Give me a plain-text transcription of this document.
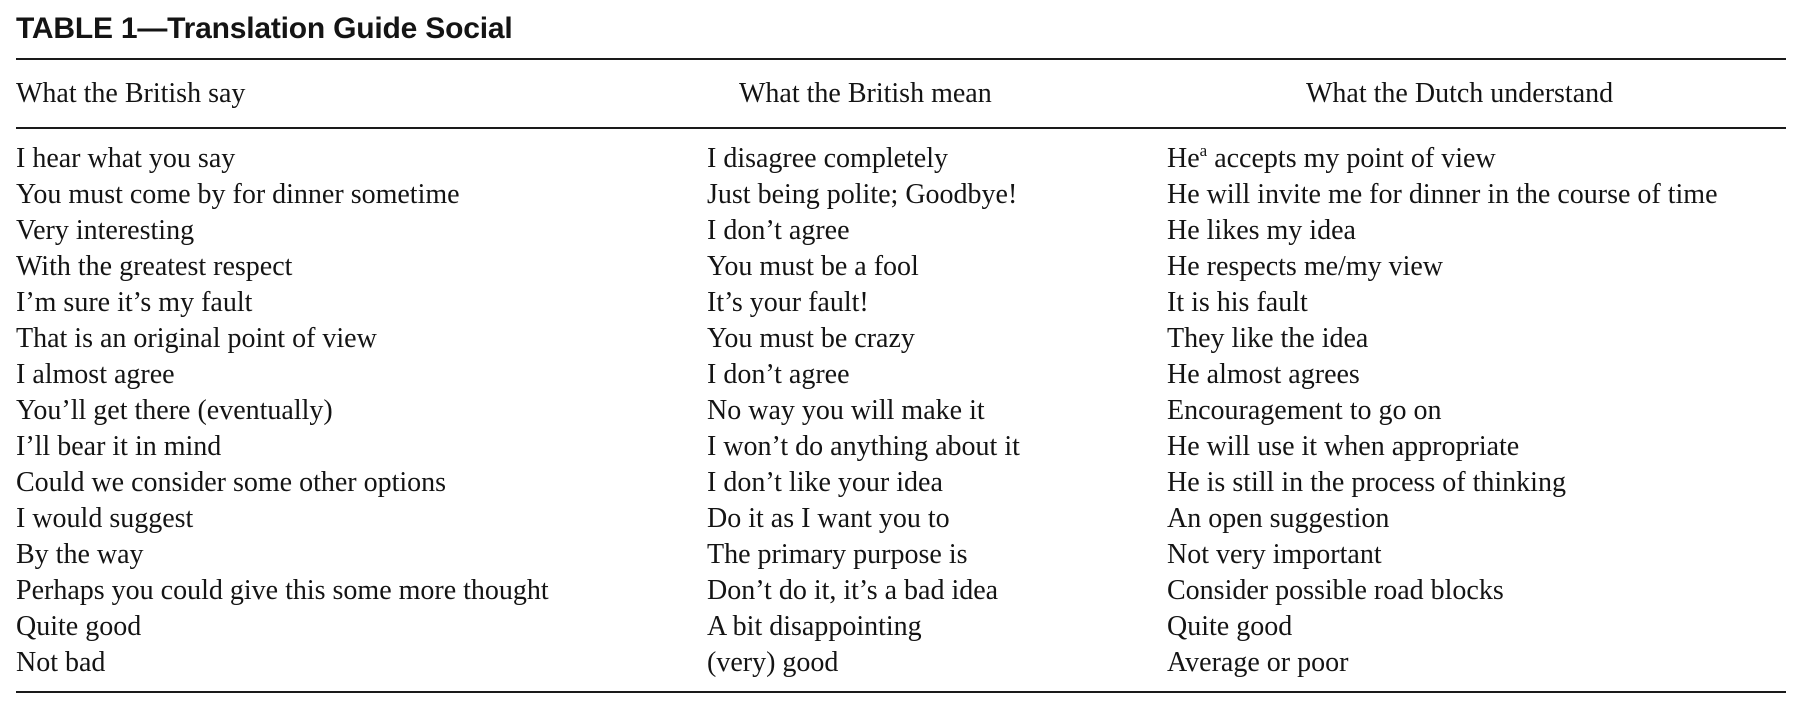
TABLE 1—Translation Guide Social
What the British say	What the British mean	What the Dutch understand
I hear what you say	I disagree completely	He$^a$ accepts my point of view
You must come by for dinner sometime	Just being polite; Goodbye!	He will invite me for dinner in the course of time
Very interesting	I don’t agree	He likes my idea
With the greatest respect	You must be a fool	He respects me/my view
I’m sure it’s my fault	It’s your fault!	It is his fault
That is an original point of view	You must be crazy	They like the idea
I almost agree	I don’t agree	He almost agrees
You’ll get there (eventually)	No way you will make it	Encouragement to go on
I’ll bear it in mind	I won’t do anything about it	He will use it when appropriate
Could we consider some other options	I don’t like your idea	He is still in the process of thinking
I would suggest	Do it as I want you to	An open suggestion
By the way	The primary purpose is	Not very important
Perhaps you could give this some more thought	Don’t do it, it’s a bad idea	Consider possible road blocks
Quite good	A bit disappointing	Quite good
Not bad	(very) good	Average or poor
